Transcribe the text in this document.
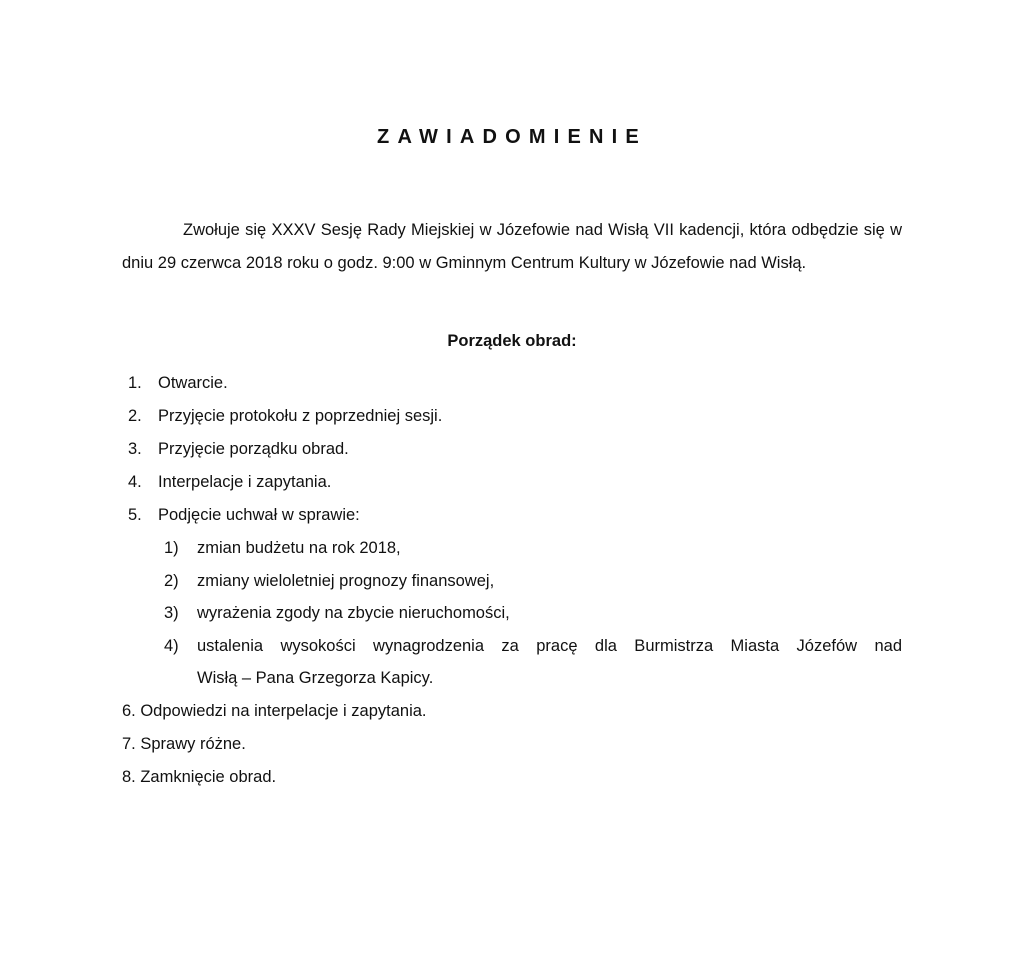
ZAWIADOMIENIE

Zwołuje się XXXV Sesję Rady Miejskiej w Józefowie nad Wisłą VII kadencji, która odbędzie się w dniu 29 czerwca 2018 roku o godz. 9:00 w Gminnym Centrum Kultury w Józefowie nad Wisłą.

Porządek obrad:
1. Otwarcie.
2. Przyjęcie protokołu z poprzedniej sesji.
3. Przyjęcie porządku obrad.
4. Interpelacje i zapytania.
5. Podjęcie uchwał w sprawie:
1) zmian budżetu na rok 2018,
2) zmiany wieloletniej prognozy finansowej,
3) wyrażenia zgody na zbycie nieruchomości,
4) ustalenia wysokości wynagrodzenia za pracę dla Burmistrza Miasta Józefów nad

Wisłą – Pana Grzegorza Kapicy.
6. Odpowiedzi na interpelacje i zapytania.
7. Sprawy różne.
8. Zamknięcie obrad.
